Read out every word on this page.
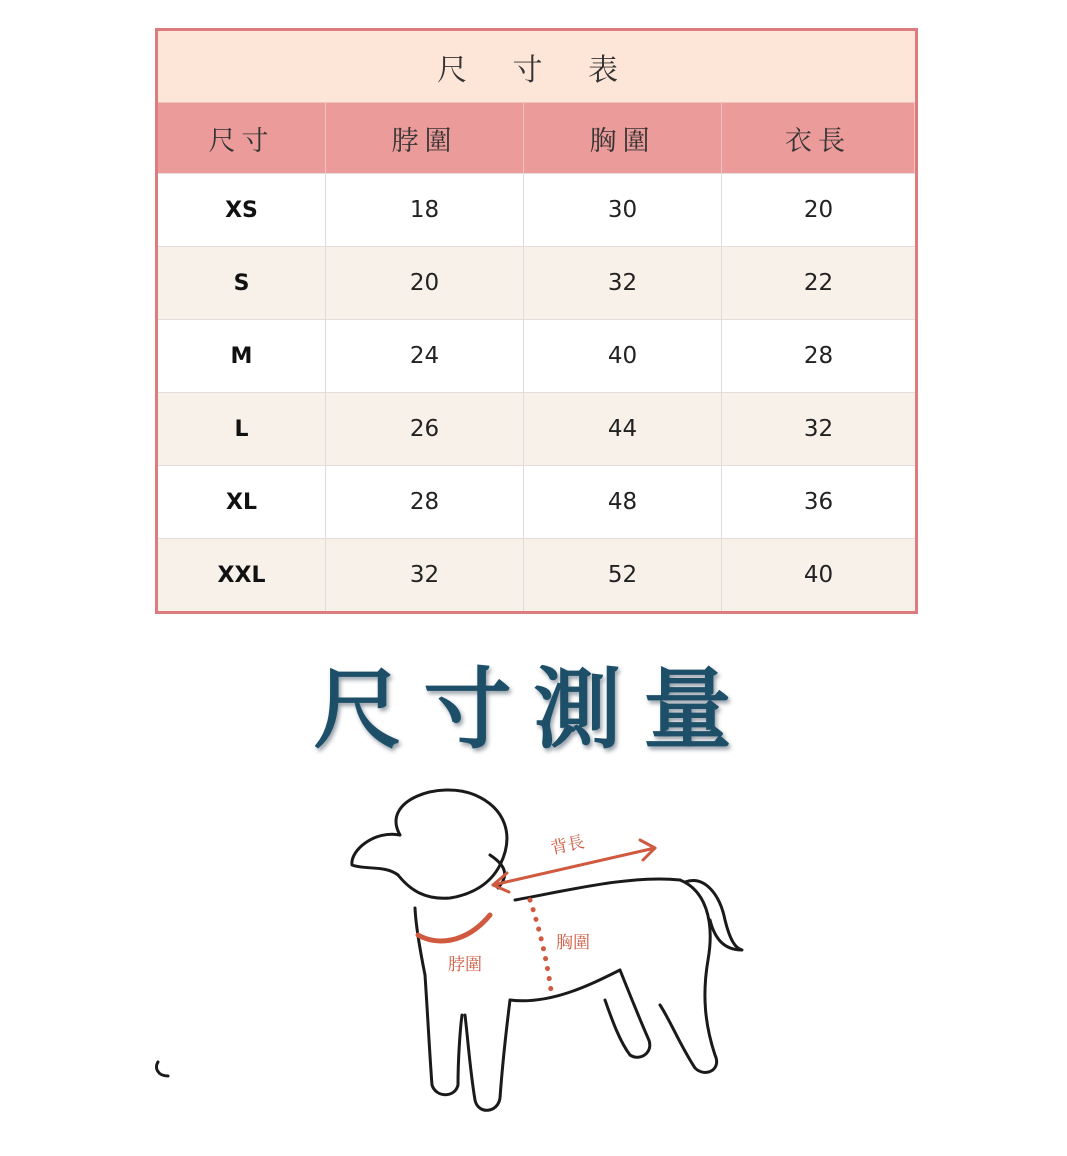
尺 寸 表
尺寸	脖圍	胸圍	衣長
XS	18	30	20
S	20	32	22
M	24	40	28
L	26	44	32
XL	28	48	36
XXL	32	52	40
尺寸測量
背長
胸圍
脖圍
